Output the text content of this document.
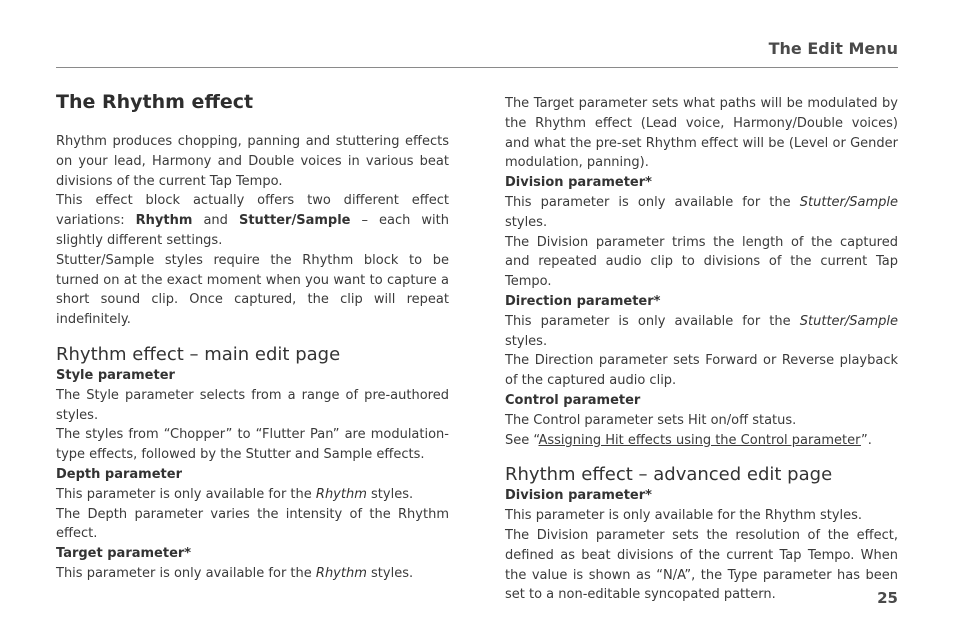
The Edit Menu
The Rhythm effect

Rhythm produces chopping, panning and stuttering effects on your lead, Harmony and Double voices in various beat divisions of the current Tap Tempo.

This effect block actually offers two different effect variations: Rhythm and Stutter/Sample – each with slightly different settings.

Stutter/Sample styles require the Rhythm block to be turned on at the exact moment when you want to capture a short sound clip. Once captured, the clip will repeat indefinitely.

Rhythm effect – main edit page
Style parameter

The Style parameter selects from a range of pre-authored styles.

The styles from “Chopper” to “Flutter Pan” are modulation-type effects, followed by the Stutter and Sample effects.

Depth parameter

This parameter is only available for the Rhythm styles.

The Depth parameter varies the intensity of the Rhythm effect.

Target parameter*

This parameter is only available for the Rhythm styles.

The Target parameter sets what paths will be modulated by the Rhythm effect (Lead voice, Harmony/Double voices) and what the pre-set Rhythm effect will be (Level or Gender modulation, panning).

Division parameter*

This parameter is only available for the Stutter/Sample styles.

The Division parameter trims the length of the captured and repeated audio clip to divisions of the current Tap Tempo.

Direction parameter*

This parameter is only available for the Stutter/Sample styles.

The Direction parameter sets Forward or Reverse playback of the captured audio clip.

Control parameter

The Control parameter sets Hit on/off status.

See “Assigning Hit effects using the Control parameter”.

Rhythm effect – advanced edit page
Division parameter*

This parameter is only available for the Rhythm styles.

The Division parameter sets the resolution of the effect, defined as beat divisions of the current Tap Tempo. When the value is shown as “N/A”, the Type parameter has been set to a non-editable syncopated pattern.	25
